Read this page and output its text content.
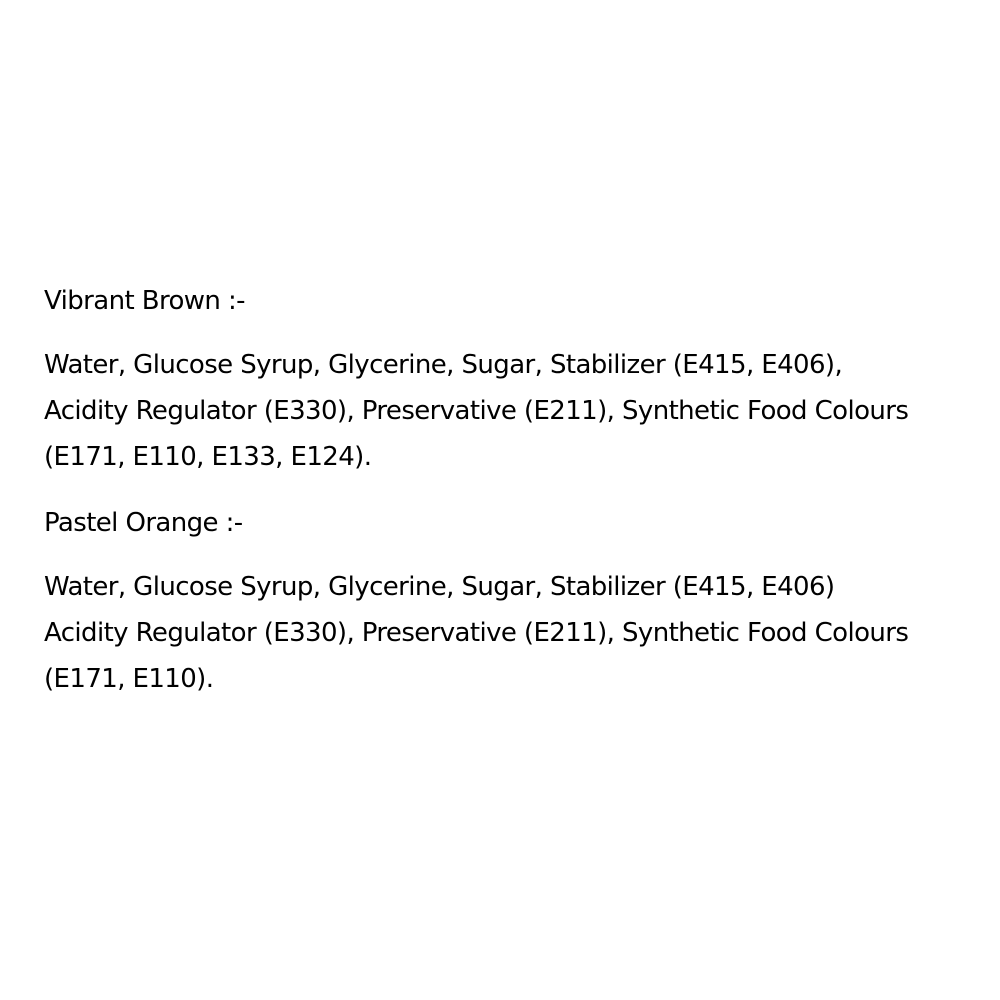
Vibrant Brown :-

Water, Glucose Syrup, Glycerine, Sugar, Stabilizer (E415, E406),
Acidity Regulator (E330), Preservative (E211), Synthetic Food Colours
(E171, E110, E133, E124).

Pastel Orange :-

Water, Glucose Syrup, Glycerine, Sugar, Stabilizer (E415, E406)
Acidity Regulator (E330), Preservative (E211), Synthetic Food Colours
(E171, E110).
